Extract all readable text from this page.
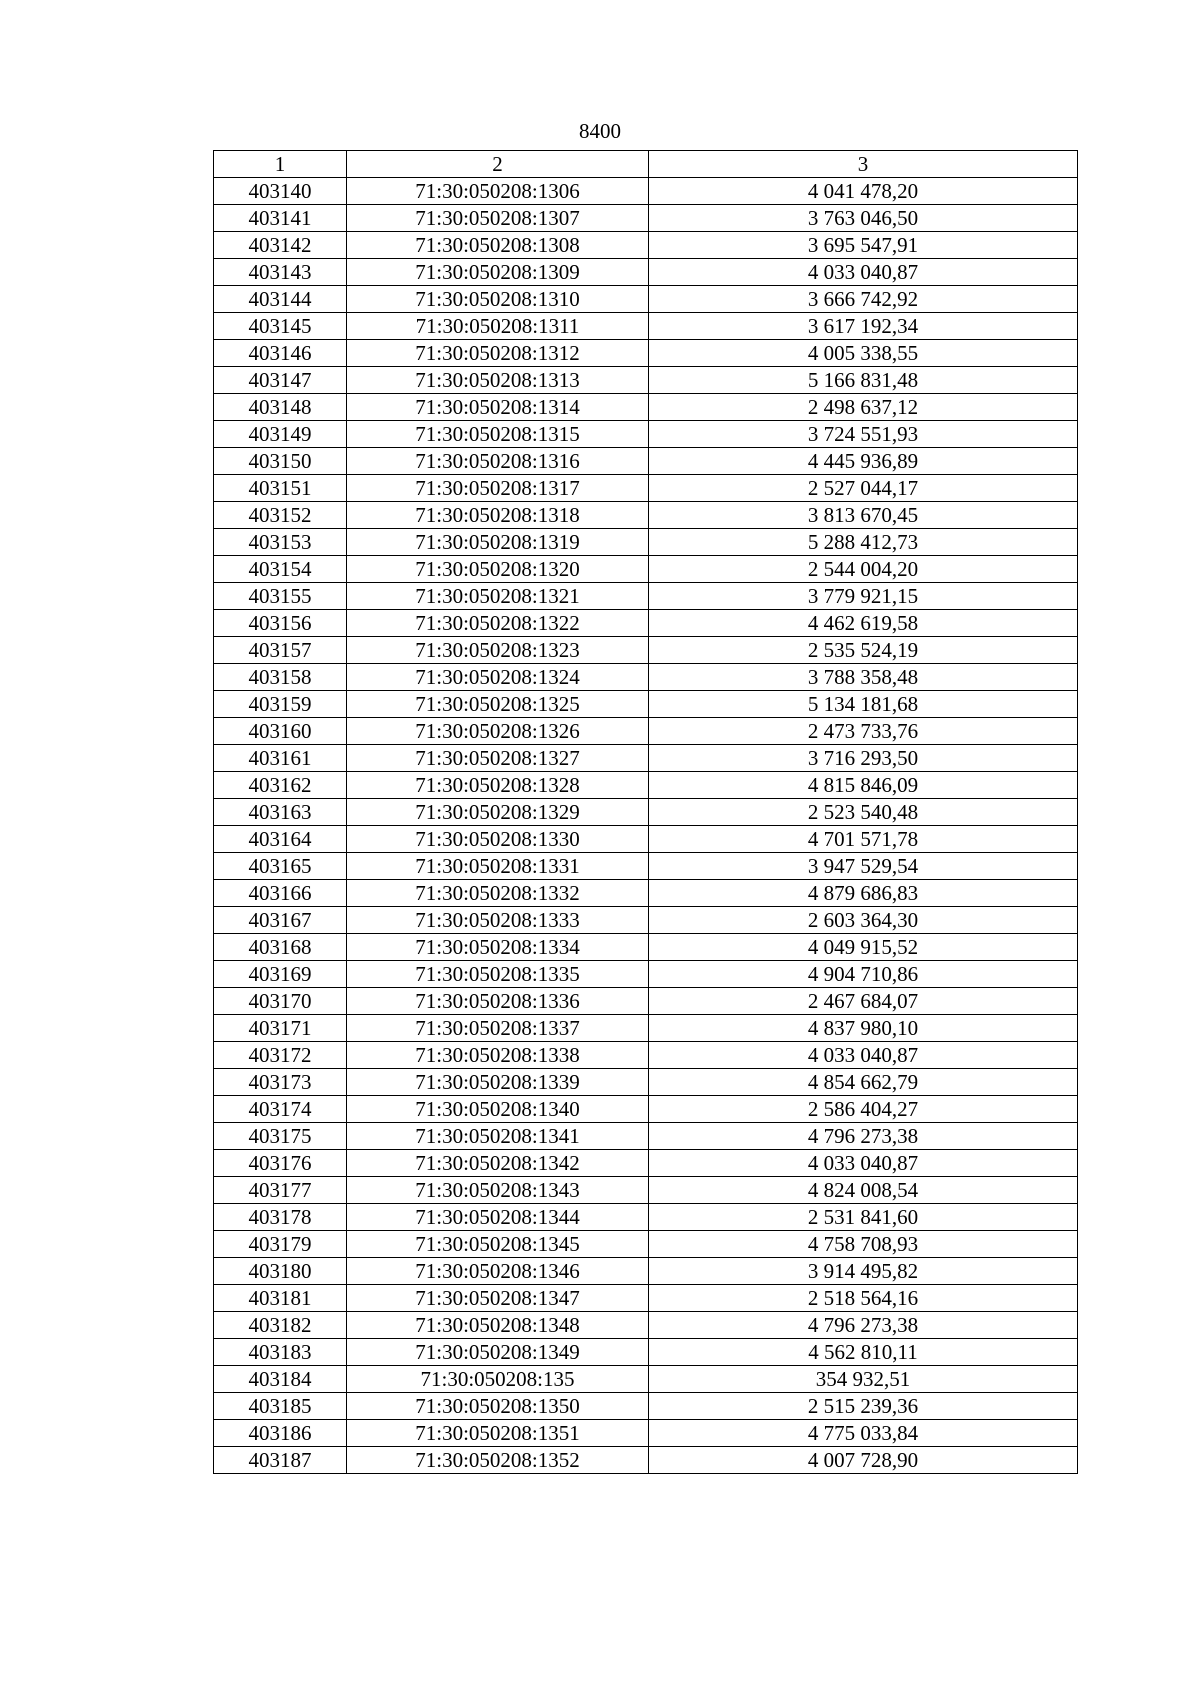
8400
1	2	3
403140	71:30:050208:1306	4 041 478,20
403141	71:30:050208:1307	3 763 046,50
403142	71:30:050208:1308	3 695 547,91
403143	71:30:050208:1309	4 033 040,87
403144	71:30:050208:1310	3 666 742,92
403145	71:30:050208:1311	3 617 192,34
403146	71:30:050208:1312	4 005 338,55
403147	71:30:050208:1313	5 166 831,48
403148	71:30:050208:1314	2 498 637,12
403149	71:30:050208:1315	3 724 551,93
403150	71:30:050208:1316	4 445 936,89
403151	71:30:050208:1317	2 527 044,17
403152	71:30:050208:1318	3 813 670,45
403153	71:30:050208:1319	5 288 412,73
403154	71:30:050208:1320	2 544 004,20
403155	71:30:050208:1321	3 779 921,15
403156	71:30:050208:1322	4 462 619,58
403157	71:30:050208:1323	2 535 524,19
403158	71:30:050208:1324	3 788 358,48
403159	71:30:050208:1325	5 134 181,68
403160	71:30:050208:1326	2 473 733,76
403161	71:30:050208:1327	3 716 293,50
403162	71:30:050208:1328	4 815 846,09
403163	71:30:050208:1329	2 523 540,48
403164	71:30:050208:1330	4 701 571,78
403165	71:30:050208:1331	3 947 529,54
403166	71:30:050208:1332	4 879 686,83
403167	71:30:050208:1333	2 603 364,30
403168	71:30:050208:1334	4 049 915,52
403169	71:30:050208:1335	4 904 710,86
403170	71:30:050208:1336	2 467 684,07
403171	71:30:050208:1337	4 837 980,10
403172	71:30:050208:1338	4 033 040,87
403173	71:30:050208:1339	4 854 662,79
403174	71:30:050208:1340	2 586 404,27
403175	71:30:050208:1341	4 796 273,38
403176	71:30:050208:1342	4 033 040,87
403177	71:30:050208:1343	4 824 008,54
403178	71:30:050208:1344	2 531 841,60
403179	71:30:050208:1345	4 758 708,93
403180	71:30:050208:1346	3 914 495,82
403181	71:30:050208:1347	2 518 564,16
403182	71:30:050208:1348	4 796 273,38
403183	71:30:050208:1349	4 562 810,11
403184	71:30:050208:135	354 932,51
403185	71:30:050208:1350	2 515 239,36
403186	71:30:050208:1351	4 775 033,84
403187	71:30:050208:1352	4 007 728,90
